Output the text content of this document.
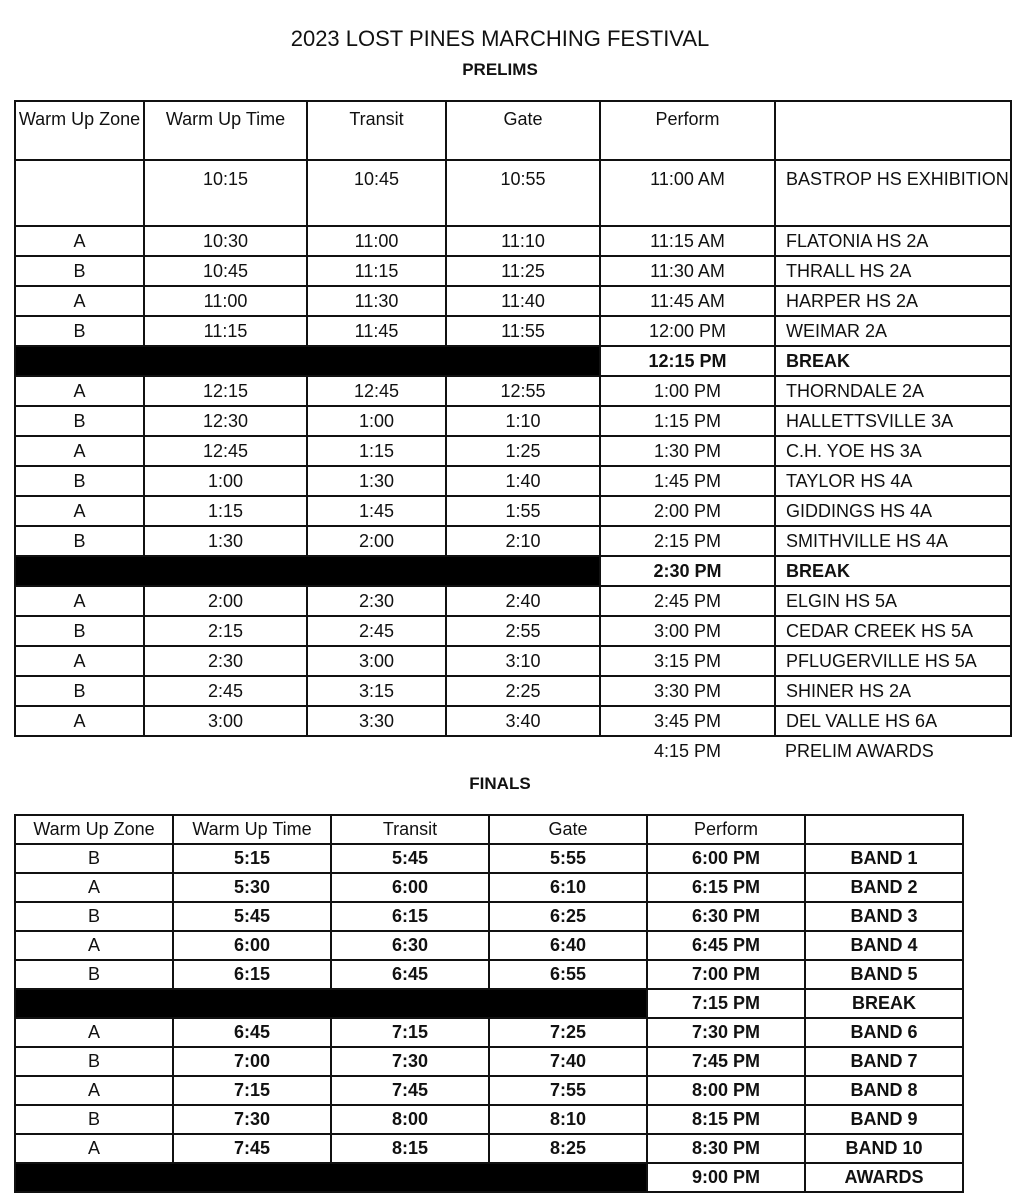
2023 LOST PINES MARCHING FESTIVAL
PRELIMS
Warm Up Zone	Warm Up Time	Transit	Gate	Perform	
	10:15	10:45	10:55	11:00 AM	BASTROP HS EXHIBITION
A	10:30	11:00	11:10	11:15 AM	FLATONIA HS 2A
B	10:45	11:15	11:25	11:30 AM	THRALL HS 2A
A	11:00	11:30	11:40	11:45 AM	HARPER HS 2A
B	11:15	11:45	11:55	12:00 PM	WEIMAR 2A
				12:15 PM	BREAK
A	12:15	12:45	12:55	1:00 PM	THORNDALE 2A
B	12:30	1:00	1:10	1:15 PM	HALLETTSVILLE 3A
A	12:45	1:15	1:25	1:30 PM	C.H. YOE HS 3A
B	1:00	1:30	1:40	1:45 PM	TAYLOR HS 4A
A	1:15	1:45	1:55	2:00 PM	GIDDINGS HS 4A
B	1:30	2:00	2:10	2:15 PM	SMITHVILLE HS 4A
				2:30 PM	BREAK
A	2:00	2:30	2:40	2:45 PM	ELGIN HS 5A
B	2:15	2:45	2:55	3:00 PM	CEDAR CREEK HS 5A
A	2:30	3:00	3:10	3:15 PM	PFLUGERVILLE HS 5A
B	2:45	3:15	2:25	3:30 PM	SHINER HS 2A
A	3:00	3:30	3:40	3:45 PM	DEL VALLE HS 6A
				4:15 PM	PRELIM AWARDS
FINALS
Warm Up Zone	Warm Up Time	Transit	Gate	Perform	
B	5:15	5:45	5:55	6:00 PM	BAND 1
A	5:30	6:00	6:10	6:15 PM	BAND 2
B	5:45	6:15	6:25	6:30 PM	BAND 3
A	6:00	6:30	6:40	6:45 PM	BAND 4
B	6:15	6:45	6:55	7:00 PM	BAND 5
				7:15 PM	BREAK
A	6:45	7:15	7:25	7:30 PM	BAND 6
B	7:00	7:30	7:40	7:45 PM	BAND 7
A	7:15	7:45	7:55	8:00 PM	BAND 8
B	7:30	8:00	8:10	8:15 PM	BAND 9
A	7:45	8:15	8:25	8:30 PM	BAND 10
				9:00 PM	AWARDS
